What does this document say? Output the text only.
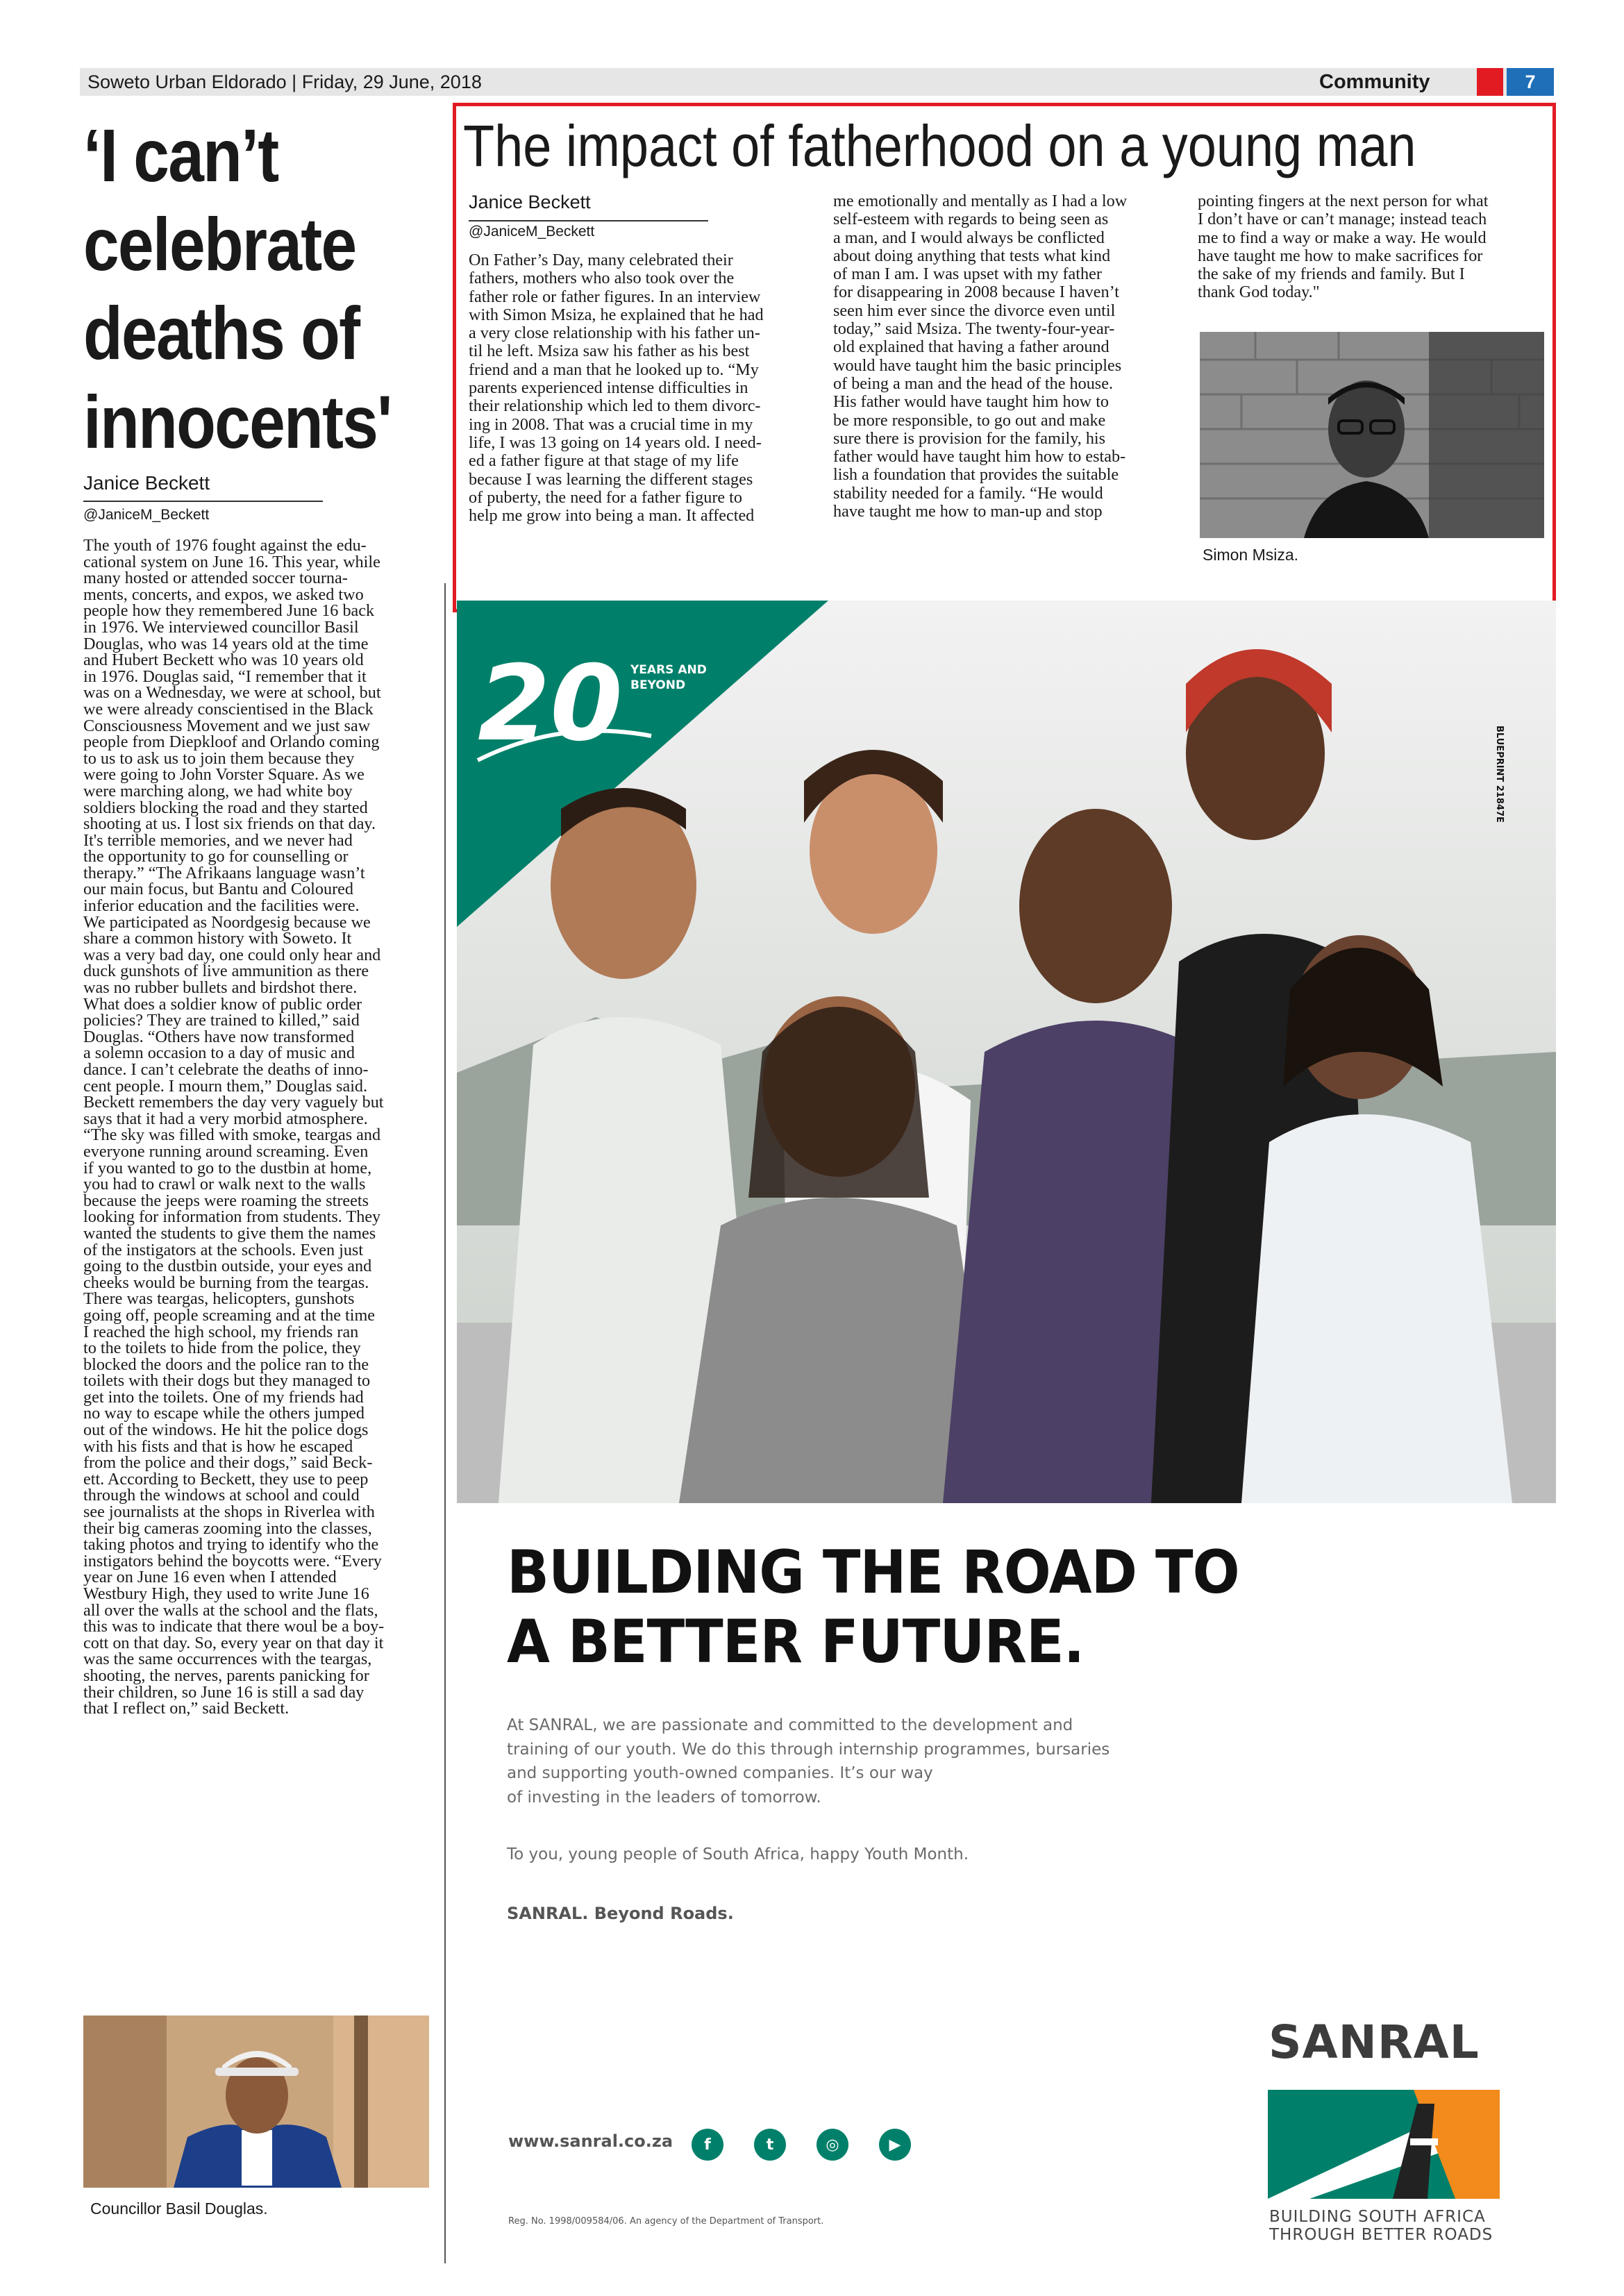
Soweto Urban Eldorado | Friday, 29 June, 2018	Community	7
‘I can’t
celebrate
deaths of
innocents'
Janice Beckett
@JaniceM_Beckett

The youth of 1976 fought against the edu-
cational system on June 16. This year, while
many hosted or attended soccer tourna-
ments, concerts, and expos, we asked two
people how they remembered June 16 back
in 1976. We interviewed councillor Basil
Douglas, who was 14 years old at the time
and Hubert Beckett who was 10 years old
in 1976. Douglas said, “I remember that it
was on a Wednesday, we were at school, but
we were already conscientised in the Black
Consciousness Movement and we just saw
people from Diepkloof and Orlando coming
to us to ask us to join them because they
were going to John Vorster Square. As we
were marching along, we had white boy
soldiers blocking the road and they started
shooting at us. I lost six friends on that day.
It's terrible memories, and we never had
the opportunity to go for counselling or
therapy.” “The Afrikaans language wasn’t
our main focus, but Bantu and Coloured
inferior education and the facilities were.
We participated as Noordgesig because we
share a common history with Soweto. It
was a very bad day, one could only hear and
duck gunshots of live ammunition as there
was no rubber bullets and birdshot there.
What does a soldier know of public order
policies? They are trained to killed,” said
Douglas. “Others have now transformed
a solemn occasion to a day of music and
dance. I can’t celebrate the deaths of inno-
cent people. I mourn them,” Douglas said.
Beckett remembers the day very vaguely but
says that it had a very morbid atmosphere.
“The sky was filled with smoke, teargas and
everyone running around screaming. Even
if you wanted to go to the dustbin at home,
you had to crawl or walk next to the walls
because the jeeps were roaming the streets
looking for information from students. They
wanted the students to give them the names
of the instigators at the schools. Even just
going to the dustbin outside, your eyes and
cheeks would be burning from the teargas.
There was teargas, helicopters, gunshots
going off, people screaming and at the time
I reached the high school, my friends ran
to the toilets to hide from the police, they
blocked the doors and the police ran to the
toilets with their dogs but they managed to
get into the toilets. One of my friends had
no way to escape while the others jumped
out of the windows. He hit the police dogs
with his fists and that is how he escaped
from the police and their dogs,” said Beck-
ett. According to Beckett, they use to peep
through the windows at school and could
see journalists at the shops in Riverlea with
their big cameras zooming into the classes,
taking photos and trying to identify who the
instigators behind the boycotts were. “Every
year on June 16 even when I attended
Westbury High, they used to write June 16
all over the walls at the school and the flats,
this was to indicate that there woul be a boy-
cott on that day. So, every year on that day it
was the same occurrences with the teargas,
shooting, the nerves, parents panicking for
their children, so June 16 is still a sad day
that I reflect on,” said Beckett.

Councillor Basil Douglas.
The impact of fatherhood on a young man
Janice Beckett
@JaniceM_Beckett

On Father’s Day, many celebrated their
fathers, mothers who also took over the
father role or father figures. In an interview
with Simon Msiza, he explained that he had
a very close relationship with his father un-
til he left. Msiza saw his father as his best
friend and a man that he looked up to. “My
parents experienced intense difficulties in
their relationship which led to them divorc-
ing in 2008. That was a crucial time in my
life, I was 13 going on 14 years old. I need-
ed a father figure at that stage of my life
because I was learning the different stages
of puberty, the need for a father figure to
help me grow into being a man. It affected

me emotionally and mentally as I had a low
self-esteem with regards to being seen as
a man, and I would always be conflicted
about doing anything that tests what kind
of man I am. I was upset with my father
for disappearing in 2008 because I haven’t
seen him ever since the divorce even until
today,” said Msiza. The twenty-four-year-
old explained that having a father around
would have taught him the basic principles
of being a man and the head of the house.
His father would have taught him how to
be more responsible, to go out and make
sure there is provision for the family, his
father would have taught him how to estab-
lish a foundation that provides the suitable
stability needed for a family. “He would
have taught me how to man-up and stop

pointing fingers at the next person for what
I don’t have or can’t manage; instead teach
me to find a way or make a way. He would
have taught me how to make sacrifices for
the sake of my friends and family. But I
thank God today."

Simon Msiza.
20 YEARS AND
BEYOND
BLUEPRINT 21847E
BUILDING THE ROAD TO
A BETTER FUTURE.

At SANRAL, we are passionate and committed to the development and
training of our youth. We do this through internship programmes, bursaries
and supporting youth-owned companies. It’s our way
of investing in the leaders of tomorrow.

To you, young people of South Africa, happy Youth Month.
SANRAL. Beyond Roads.
www.sanral.co.za	f	t	◎	▶
Reg. No. 1998/009584/06. An agency of the Department of Transport.
SANRAL
BUILDING SOUTH AFRICA
THROUGH BETTER ROADS
